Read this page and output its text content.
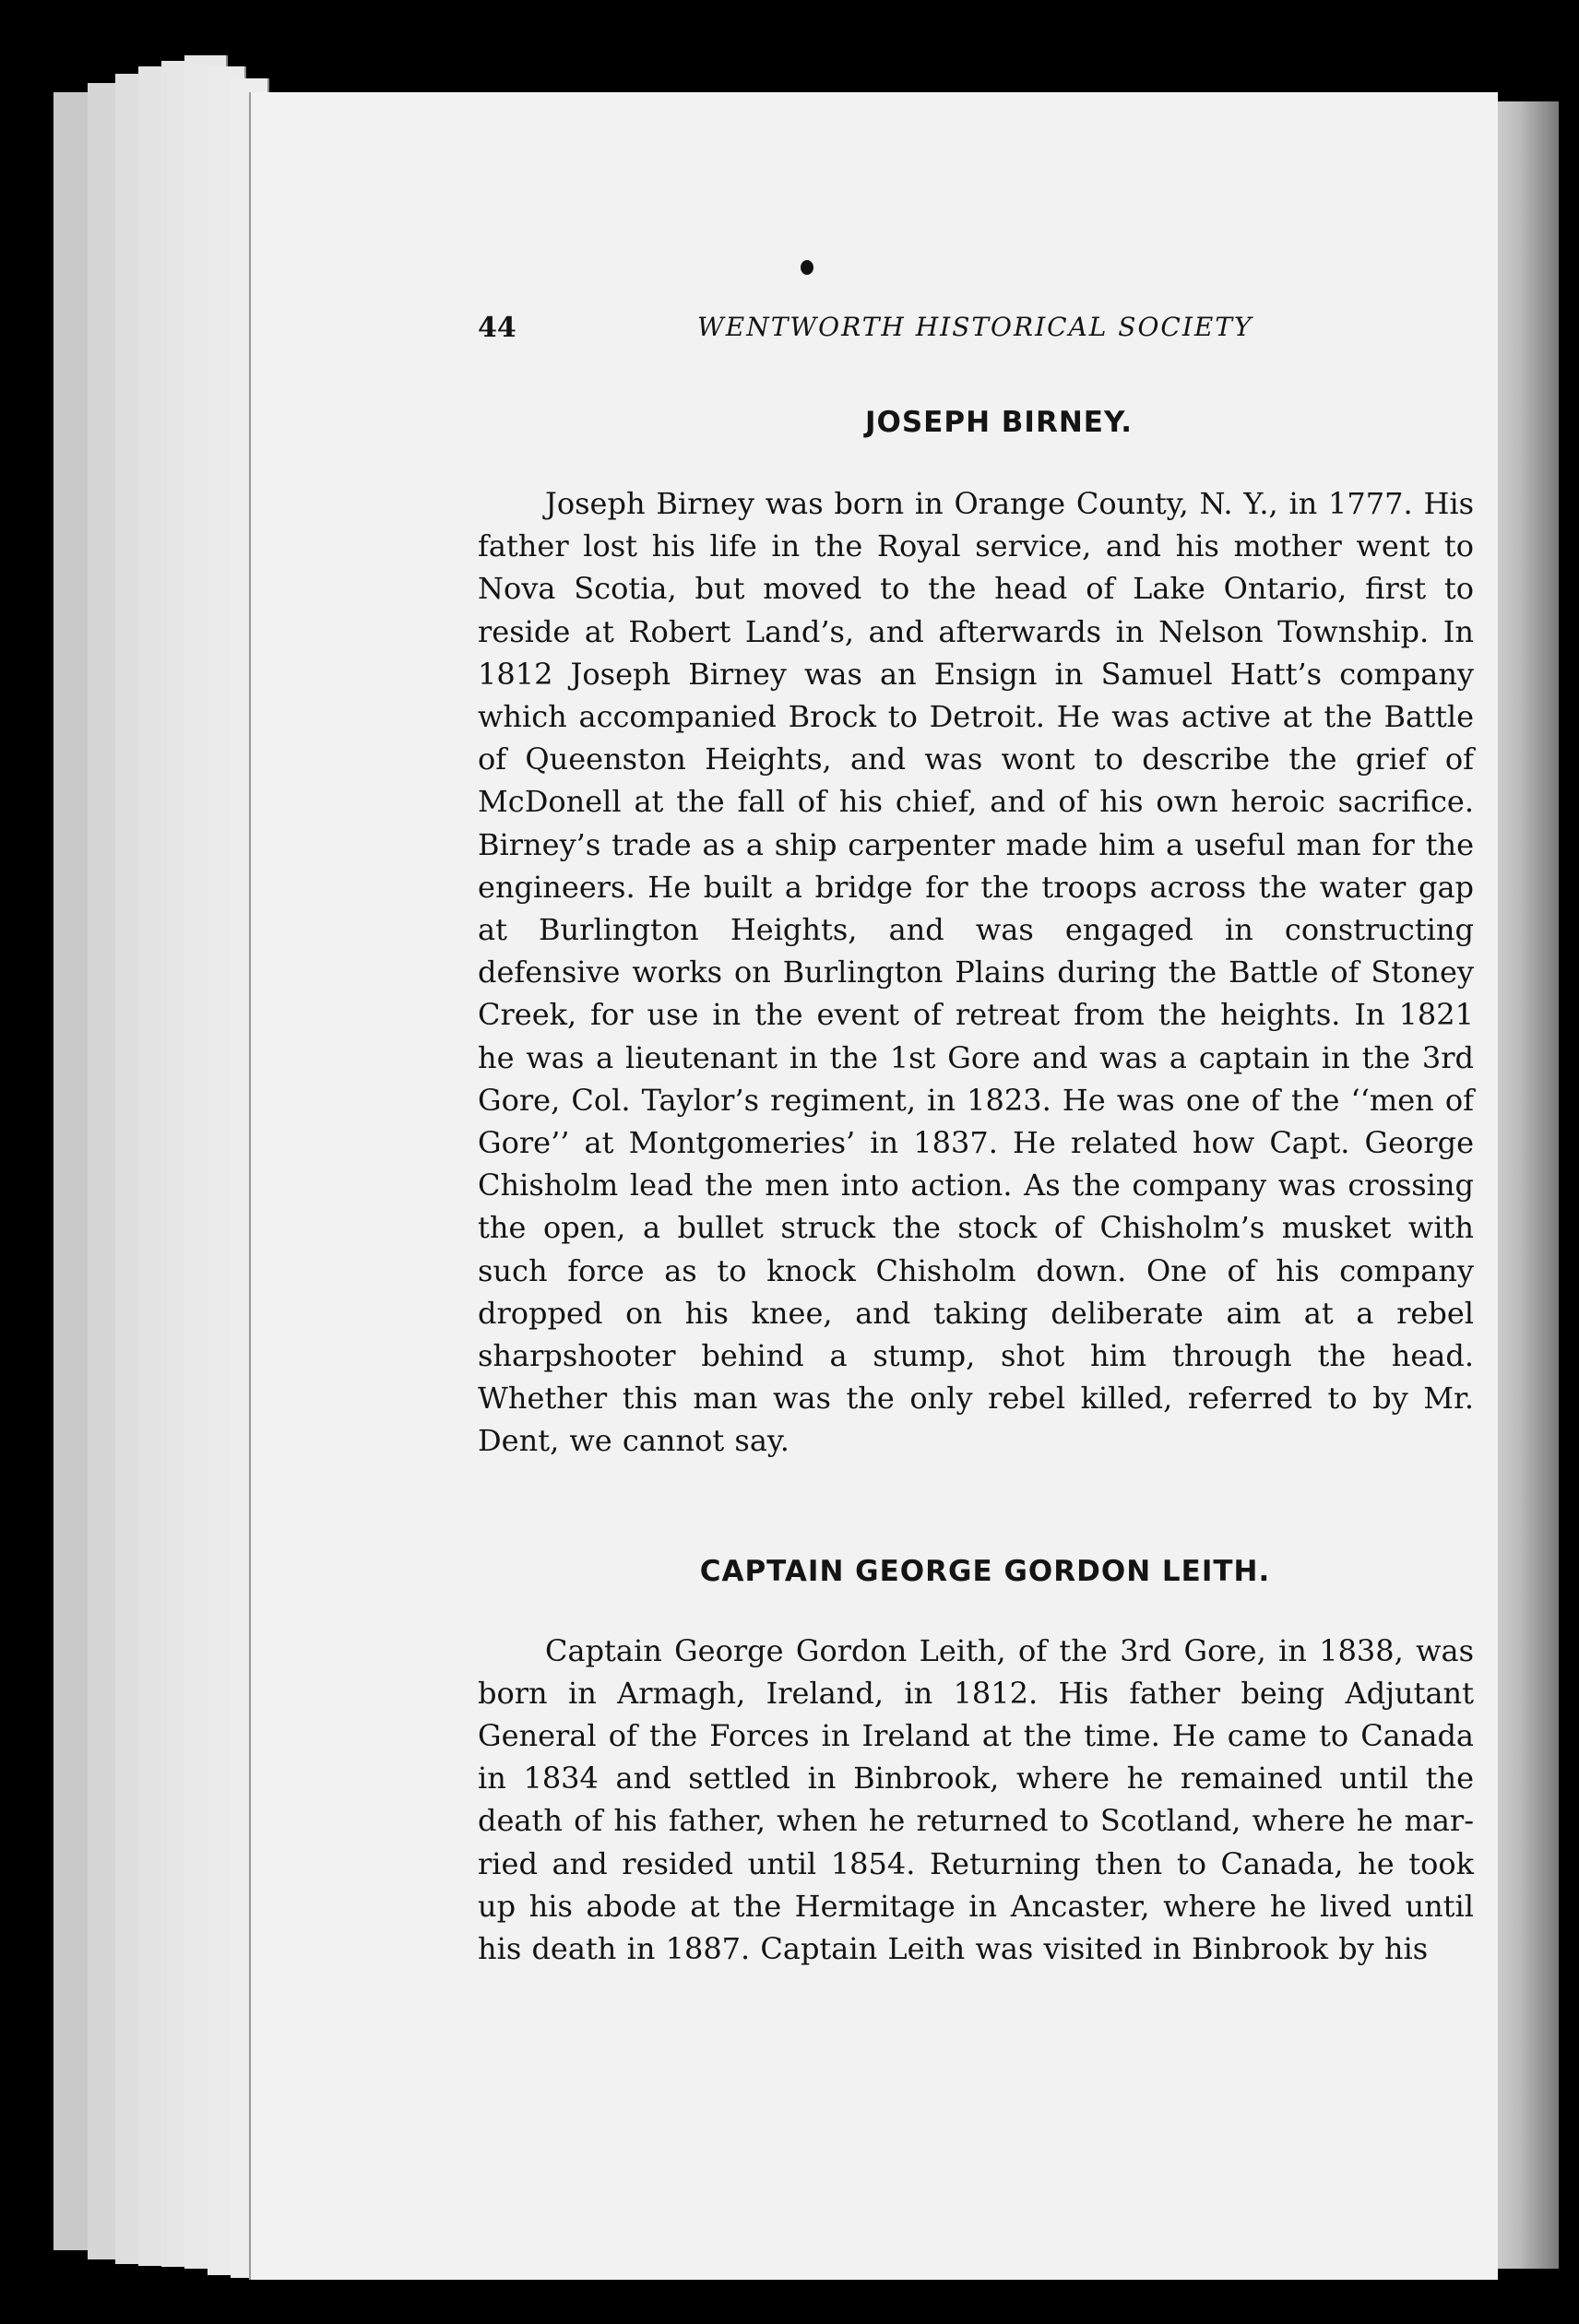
44	WENTWORTH HISTORICAL SOCIETY
JOSEPH BIRNEY.

Joseph Birney was born in Orange County, N. Y., in 1777. His father lost his life in the Royal service, and his mother went to Nova Scotia, but moved to the head of Lake Ontario, first to reside at Robert Land’s, and afterwards in Nelson Township. In 1812 Joseph Birney was an Ensign in Samuel Hatt’s company which accompanied Brock to Detroit. He was active at the Battle of Queenston Heights, and was wont to describe the grief of McDonell at the fall of his chief, and of his own heroic sacrifice. Birney’s trade as a ship carpenter made him a useful man for the engineers. He built a bridge for the troops across the water gap at Burlington Heights, and was engaged in constructing defensive works on Burlington Plains during the Battle of Stoney Creek, for use in the event of retreat from the heights. In 1821 he was a lieutenant in the 1st Gore and was a captain in the 3rd Gore, Col. Taylor’s regiment, in 1823. He was one of the ‘‘men of Gore’’ at Montgomeries’ in 1837. He related how Capt. George Chisholm lead the men into action. As the company was crossing the open, a bullet struck the stock of Chisholm’s musket with such force as to knock Chisholm down. One of his company dropped on his knee, and taking deliberate aim at a rebel sharpshooter behind a stump, shot him through the head. Whether this man was the only rebel killed, referred to by Mr. Dent, we cannot say.

CAPTAIN GEORGE GORDON LEITH.

Captain George Gordon Leith, of the 3rd Gore, in 1838, was born in Armagh, Ireland, in 1812. His father being Adjutant General of the Forces in Ireland at the time. He came to Canada in 1834 and settled in Binbrook, where he remained until the death of his father, when he returned to Scotland, where he married and resided until 1854. Returning then to Canada, he took up his abode at the Hermitage in Ancaster, where he lived until his death in 1887. Captain Leith was visited in Binbrook by his
